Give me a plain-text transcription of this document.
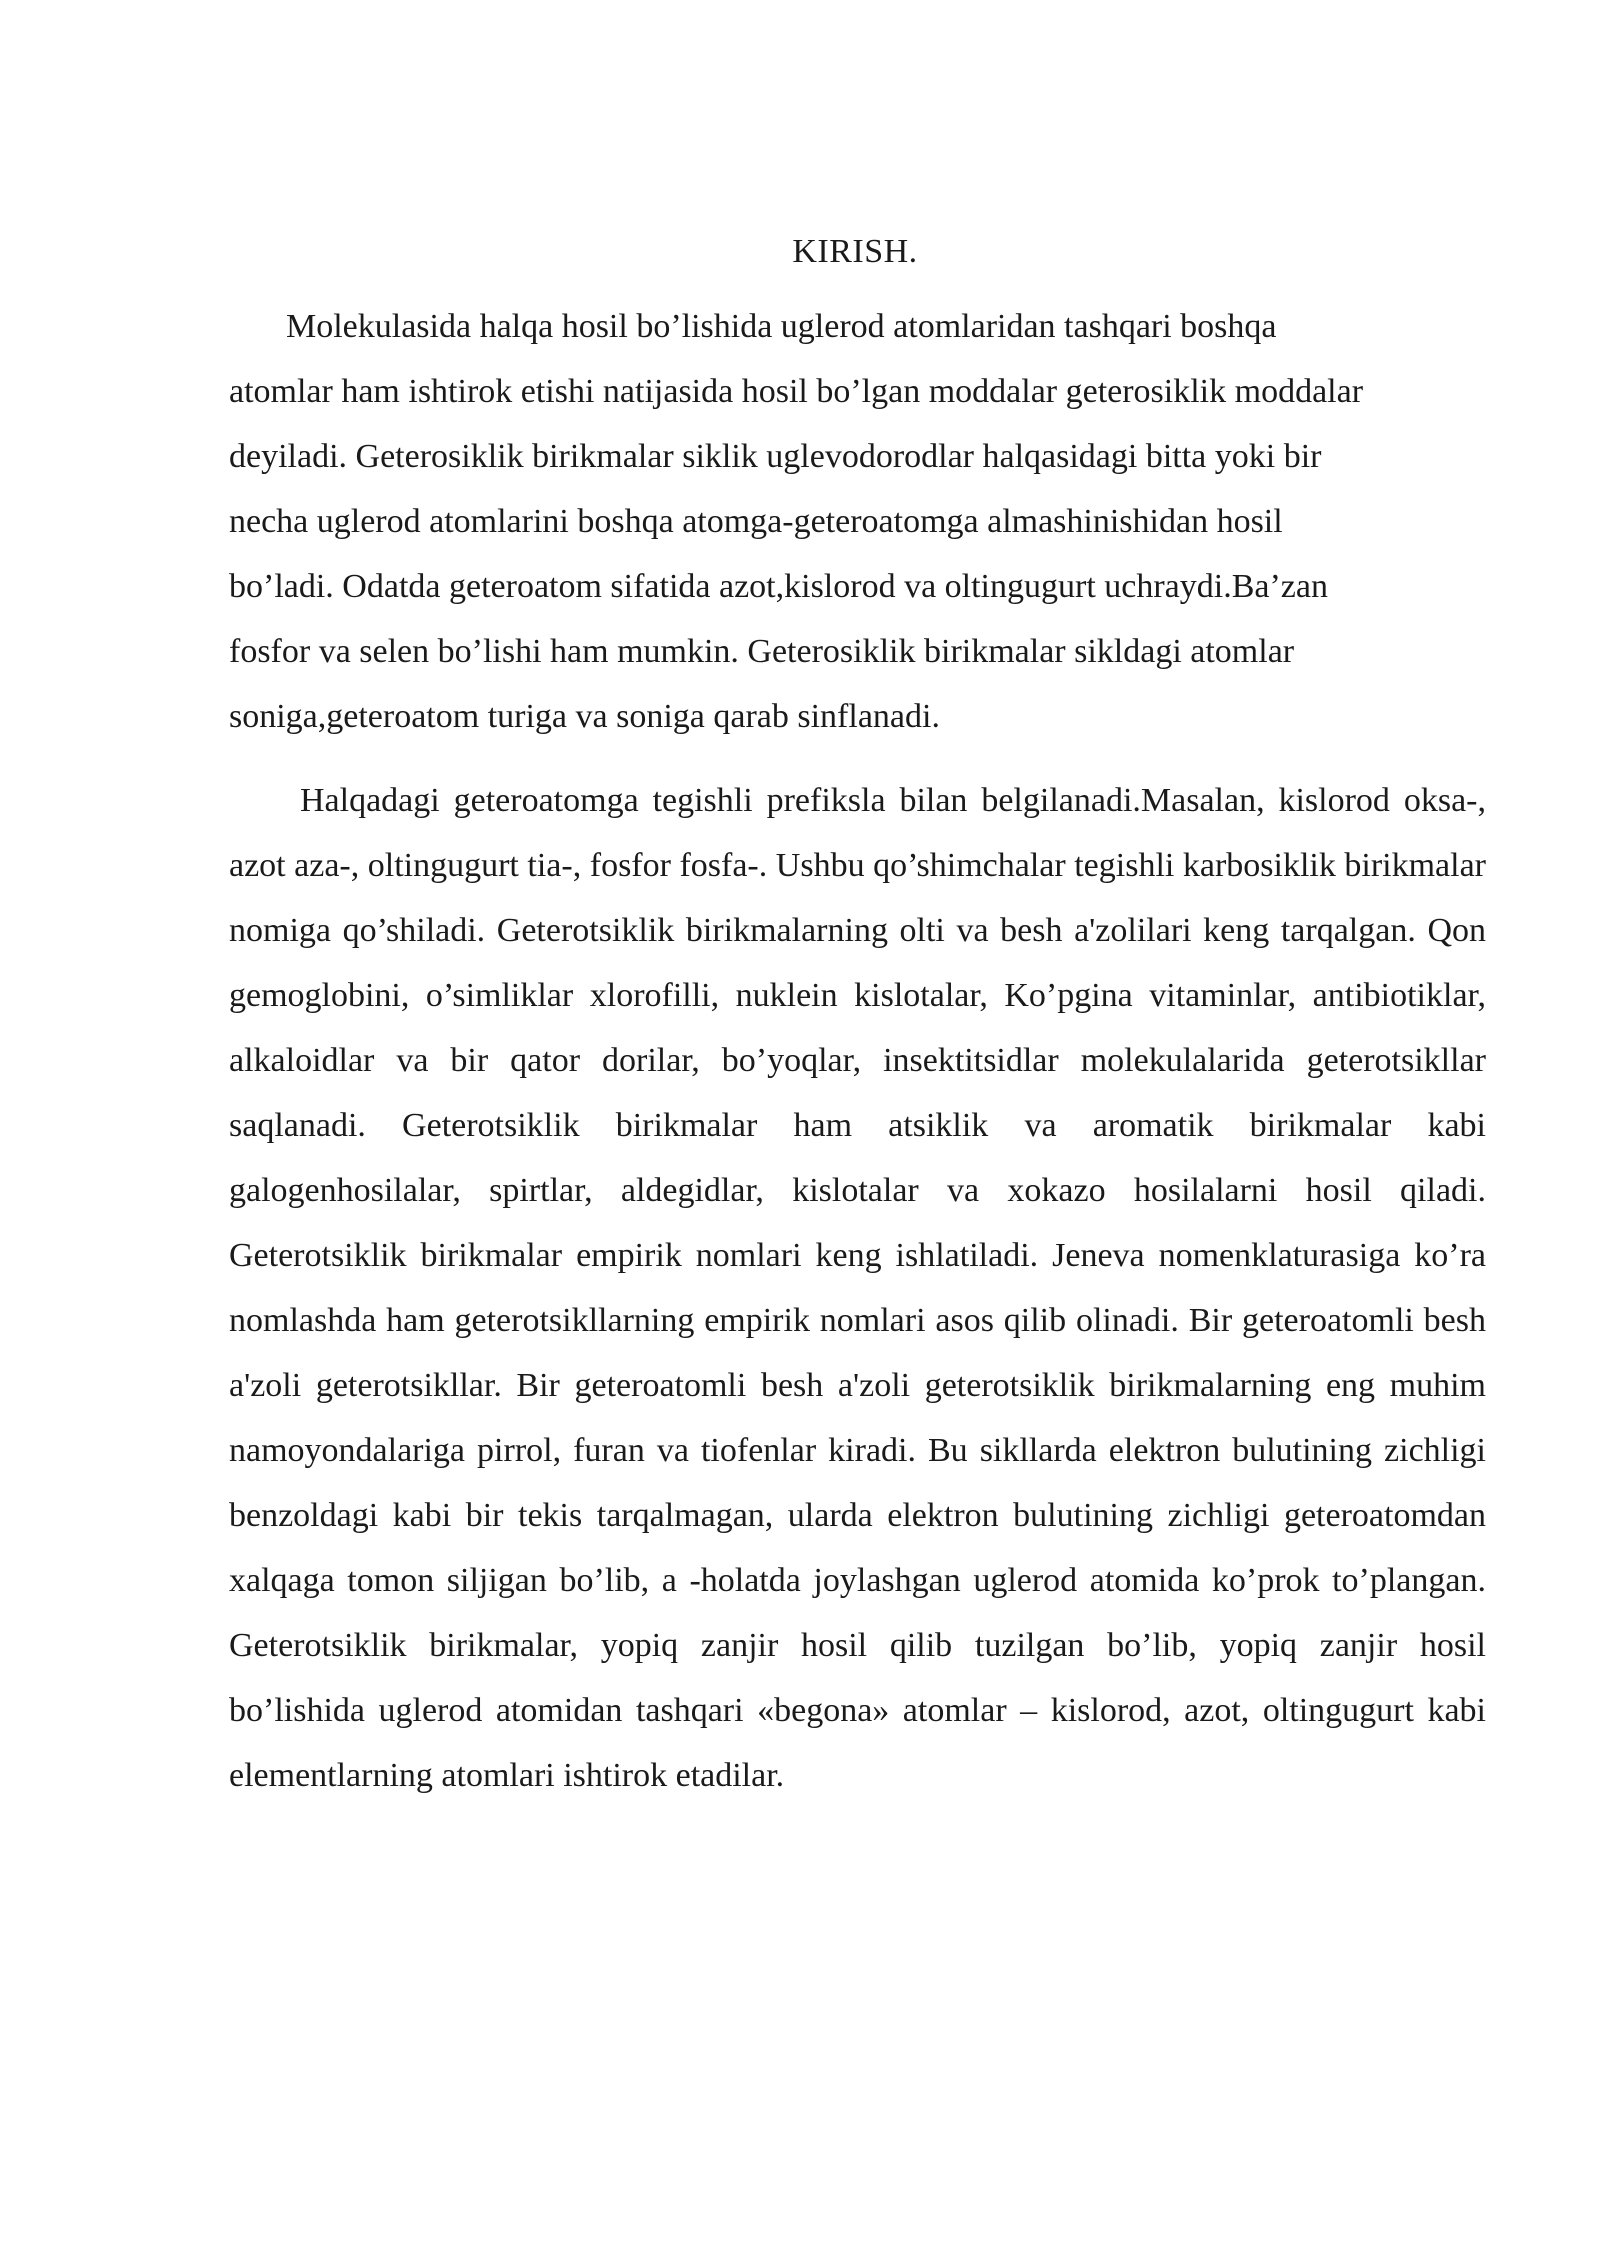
KIRISH.
Molekulasida halqa hosil bo’lishida uglerod atomlaridan tashqari boshqa
atomlar ham ishtirok etishi natijasida hosil bo’lgan moddalar geterosiklik moddalar
deyiladi. Geterosiklik birikmalar siklik uglevodorodlar halqasidagi bitta yoki bir
necha uglerod atomlarini boshqa atomga-geteroatomga almashinishidan hosil
bo’ladi. Odatda geteroatom sifatida azot,kislorod va oltingugurt uchraydi.Ba’zan
fosfor va selen bo’lishi ham mumkin. Geterosiklik birikmalar sikldagi atomlar
soniga,geteroatom turiga va soniga qarab sinflanadi.

Halqadagi geteroatomga tegishli prefiksla bilan belgilanadi.Masalan, kislorod oksa-, azot aza-, oltingugurt tia-, fosfor fosfa-. Ushbu qo’shimchalar tegishli karbosiklik birikmalar nomiga qo’shiladi. Geterotsiklik birikmalarning olti va besh a'zolilari keng tarqalgan. Qon gemoglobini, o’simliklar xlorofilli, nuklein kislotalar, Ko’pgina vitaminlar, antibiotiklar, alkaloidlar va bir qator dorilar, bo’yoqlar, insektitsidlar molekulalarida geterotsikllar saqlanadi. Geterotsiklik birikmalar ham atsiklik va aromatik birikmalar kabi galogenhosilalar, spirtlar, aldegidlar, kislotalar va xokazo hosilalarni hosil qiladi. Geterotsiklik birikmalar empirik nomlari keng ishlatiladi. Jeneva nomenklaturasiga ko’ra nomlashda ham geterotsikllarning empirik nomlari asos qilib olinadi. Bir geteroatomli besh a'zoli geterotsikllar. Bir geteroatomli besh a'zoli geterotsiklik birikmalarning eng muhim namoyondalariga pirrol, furan va tiofenlar kiradi. Bu sikllarda elektron bulutining zichligi benzoldagi kabi bir tekis tarqalmagan, ularda elektron bulutining zichligi geteroatomdan xalqaga tomon siljigan bo’lib, a -holatda joylashgan uglerod atomida ko’prok to’plangan. Geterotsiklik birikmalar, yopiq zanjir hosil qilib tuzilgan bo’lib, yopiq zanjir hosil bo’lishida uglerod atomidan tashqari «begona» atomlar – kislorod, azot, oltingugurt kabi elementlarning atomlari ishtirok etadilar.
